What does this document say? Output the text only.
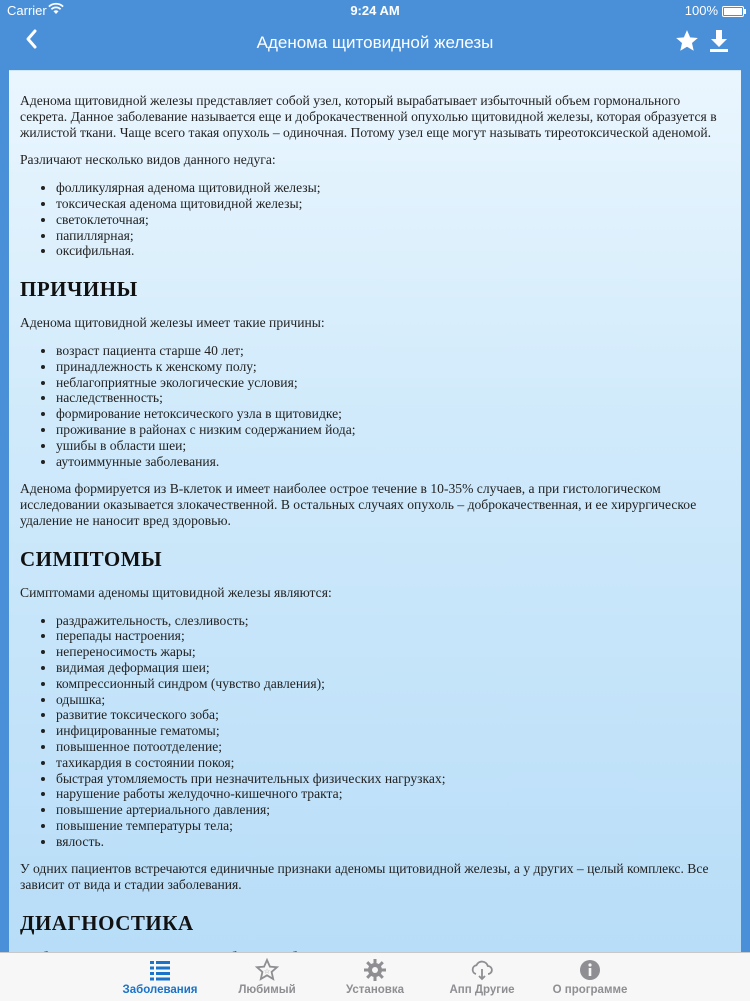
Carrier	9:24 AM	100%
Аденома щитовидной железы

Аденома щитовидной железы представляет собой узел, который вырабатывает избыточный объем гормонального секрета. Данное заболевание называется еще и доброкачественной опухолью щитовидной железы, которая образуется в жилистой ткани. Чаще всего такая опухоль – одиночная. Потому узел еще могут называть тиреотоксической аденомой.

Различают несколько видов данного недуга:

• фолликулярная аденома щитовидной железы;
• токсическая аденома щитовидной железы;
• светоклеточная;
• папиллярная;
• оксифильная.
ПРИЧИНЫ

Аденома щитовидной железы имеет такие причины:

• возраст пациента старше 40 лет;
• принадлежность к женскому полу;
• неблагоприятные экологические условия;
• наследственность;
• формирование нетоксического узла в щитовидке;
• проживание в районах с низким содержанием йода;
• ушибы в области шеи;
• аутоиммунные заболевания.

Аденома формируется из В-клеток и имеет наиболее острое течение в 10-35% случаев, а при гистологическом исследовании оказывается злокачественной. В остальных случаях опухоль – доброкачественная, и ее хирургическое удаление не наносит вред здоровью.

СИМПТОМЫ

Симптомами аденомы щитовидной железы являются:

• раздражительность, слезливость;
• перепады настроения;
• непереносимость жары;
• видимая деформация шеи;
• компрессионный синдром (чувство давления);
• одышка;
• развитие токсического зоба;
• инфицированные гематомы;
• повышенное потоотделение;
• тахикардия в состоянии покоя;
• быстрая утомляемость при незначительных физических нагрузках;
• нарушение работы желудочно-кишечного тракта;
• повышение артериального давления;
• повышение температуры тела;
• вялость.

У одних пациентов встречаются единичные признаки аденомы щитовидной железы, а у других – целый комплекс. Все зависит от вида и стадии заболевания.

ДИАГНОСТИКА

Заболевания
☆
Любимый	Установка	Апп Другие	О программе
